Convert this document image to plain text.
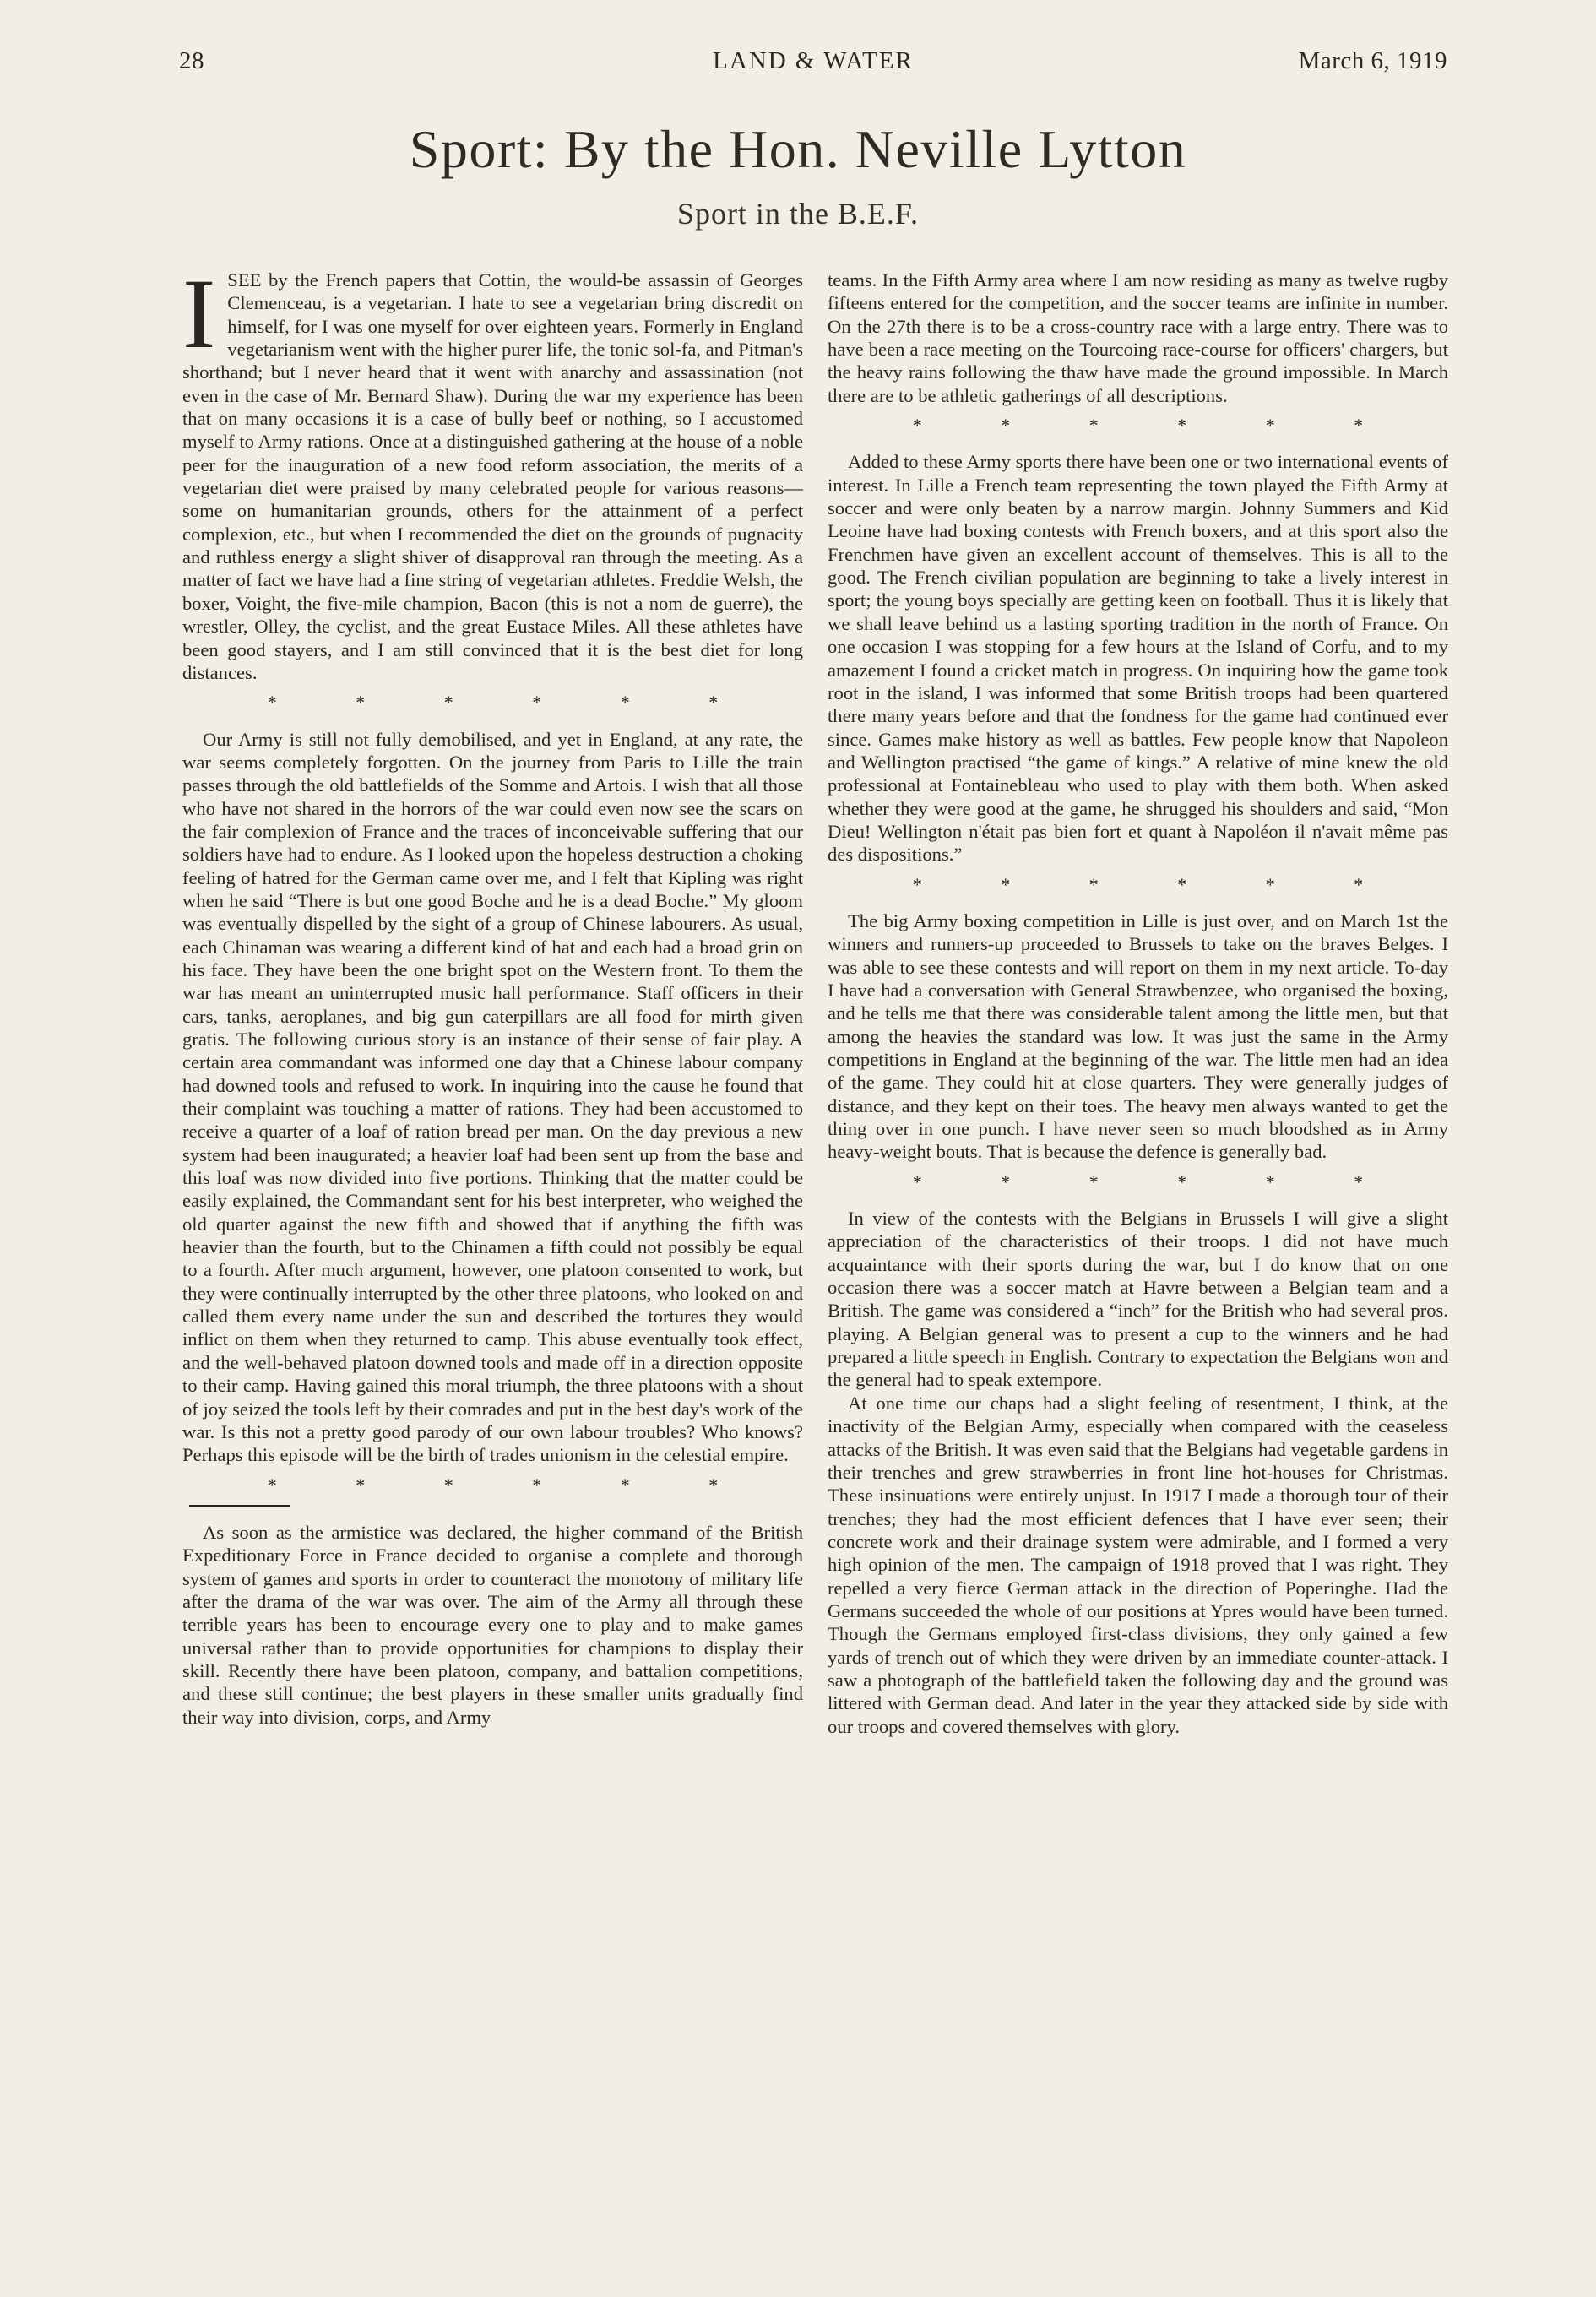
28	LAND & WATER	March 6, 1919
Sport: By the Hon. Neville Lytton
Sport in the B.E.F.
I SEE by the French papers that Cottin, the would-be assassin of Georges Clemenceau, is a vegetarian. I hate to see a vegetarian bring discredit on himself, for I was one myself for over eighteen years. Formerly in England vegetarianism went with the higher purer life, the tonic sol-fa, and Pitman's shorthand; but I never heard that it went with anarchy and assassination (not even in the case of Mr. Bernard Shaw). During the war my experience has been that on many occasions it is a case of bully beef or nothing, so I accustomed myself to Army rations. Once at a distinguished gathering at the house of a noble peer for the inauguration of a new food reform association, the merits of a vegetarian diet were praised by many celebrated people for various reasons—some on humanitarian grounds, others for the attainment of a perfect complexion, etc., but when I recommended the diet on the grounds of pugnacity and ruthless energy a slight shiver of disapproval ran through the meeting. As a matter of fact we have had a fine string of vegetarian athletes. Freddie Welsh, the boxer, Voight, the five-mile champion, Bacon (this is not a nom de guerre), the wrestler, Olley, the cyclist, and the great Eustace Miles. All these athletes have been good stayers, and I am still convinced that it is the best diet for long distances.

* * * * * *

Our Army is still not fully demobilised, and yet in England, at any rate, the war seems completely forgotten. On the journey from Paris to Lille the train passes through the old battlefields of the Somme and Artois. I wish that all those who have not shared in the horrors of the war could even now see the scars on the fair complexion of France and the traces of inconceivable suffering that our soldiers have had to endure. As I looked upon the hopeless destruction a choking feeling of hatred for the German came over me, and I felt that Kipling was right when he said “There is but one good Boche and he is a dead Boche.” My gloom was eventually dispelled by the sight of a group of Chinese labourers. As usual, each Chinaman was wearing a different kind of hat and each had a broad grin on his face. They have been the one bright spot on the Western front. To them the war has meant an uninterrupted music hall performance. Staff officers in their cars, tanks, aeroplanes, and big gun caterpillars are all food for mirth given gratis. The following curious story is an instance of their sense of fair play. A certain area commandant was informed one day that a Chinese labour company had downed tools and refused to work. In inquiring into the cause he found that their complaint was touching a matter of rations. They had been accustomed to receive a quarter of a loaf of ration bread per man. On the day previous a new system had been inaugurated; a heavier loaf had been sent up from the base and this loaf was now divided into five portions. Thinking that the matter could be easily explained, the Commandant sent for his best interpreter, who weighed the old quarter against the new fifth and showed that if anything the fifth was heavier than the fourth, but to the Chinamen a fifth could not possibly be equal to a fourth. After much argument, however, one platoon consented to work, but they were continually interrupted by the other three platoons, who looked on and called them every name under the sun and described the tortures they would inflict on them when they returned to camp. This abuse eventually took effect, and the well-behaved platoon downed tools and made off in a direction opposite to their camp. Having gained this moral triumph, the three platoons with a shout of joy seized the tools left by their comrades and put in the best day's work of the war. Is this not a pretty good parody of our own labour troubles? Who knows? Perhaps this episode will be the birth of trades unionism in the celestial empire.

* * * * * *

As soon as the armistice was declared, the higher command of the British Expeditionary Force in France decided to organise a complete and thorough system of games and sports in order to counteract the monotony of military life after the drama of the war was over. The aim of the Army all through these terrible years has been to encourage every one to play and to make games universal rather than to provide opportunities for champions to display their skill. Recently there have been platoon, company, and battalion competitions, and these still continue; the best players in these smaller units gradually find their way into division, corps, and Army

teams. In the Fifth Army area where I am now residing as many as twelve rugby fifteens entered for the competition, and the soccer teams are infinite in number. On the 27th there is to be a cross-country race with a large entry. There was to have been a race meeting on the Tourcoing race-course for officers' chargers, but the heavy rains following the thaw have made the ground impossible. In March there are to be athletic gatherings of all descriptions.

* * * * * *

Added to these Army sports there have been one or two international events of interest. In Lille a French team representing the town played the Fifth Army at soccer and were only beaten by a narrow margin. Johnny Summers and Kid Leoine have had boxing contests with French boxers, and at this sport also the Frenchmen have given an excellent account of themselves. This is all to the good. The French civilian population are beginning to take a lively interest in sport; the young boys specially are getting keen on football. Thus it is likely that we shall leave behind us a lasting sporting tradition in the north of France. On one occasion I was stopping for a few hours at the Island of Corfu, and to my amazement I found a cricket match in progress. On inquiring how the game took root in the island, I was informed that some British troops had been quartered there many years before and that the fondness for the game had continued ever since. Games make history as well as battles. Few people know that Napoleon and Wellington practised “the game of kings.” A relative of mine knew the old professional at Fontainebleau who used to play with them both. When asked whether they were good at the game, he shrugged his shoulders and said, “Mon Dieu! Wellington n'était pas bien fort et quant à Napoléon il n'avait même pas des dispositions.”

* * * * * *

The big Army boxing competition in Lille is just over, and on March 1st the winners and runners-up proceeded to Brussels to take on the braves Belges. I was able to see these contests and will report on them in my next article. To-day I have had a conversation with General Strawbenzee, who organised the boxing, and he tells me that there was considerable talent among the little men, but that among the heavies the standard was low. It was just the same in the Army competitions in England at the beginning of the war. The little men had an idea of the game. They could hit at close quarters. They were generally judges of distance, and they kept on their toes. The heavy men always wanted to get the thing over in one punch. I have never seen so much bloodshed as in Army heavy-weight bouts. That is because the defence is generally bad.

* * * * * *

In view of the contests with the Belgians in Brussels I will give a slight appreciation of the characteristics of their troops. I did not have much acquaintance with their sports during the war, but I do know that on one occasion there was a soccer match at Havre between a Belgian team and a British. The game was considered a “inch” for the British who had several pros. playing. A Belgian general was to present a cup to the winners and he had prepared a little speech in English. Contrary to expectation the Belgians won and the general had to speak extempore.

At one time our chaps had a slight feeling of resentment, I think, at the inactivity of the Belgian Army, especially when compared with the ceaseless attacks of the British. It was even said that the Belgians had vegetable gardens in their trenches and grew strawberries in front line hot-houses for Christmas. These insinuations were entirely unjust. In 1917 I made a thorough tour of their trenches; they had the most efficient defences that I have ever seen; their concrete work and their drainage system were admirable, and I formed a very high opinion of the men. The campaign of 1918 proved that I was right. They repelled a very fierce German attack in the direction of Poperinghe. Had the Germans succeeded the whole of our positions at Ypres would have been turned. Though the Germans employed first-class divisions, they only gained a few yards of trench out of which they were driven by an immediate counter-attack. I saw a photograph of the battlefield taken the following day and the ground was littered with German dead. And later in the year they attacked side by side with our troops and covered themselves with glory.
